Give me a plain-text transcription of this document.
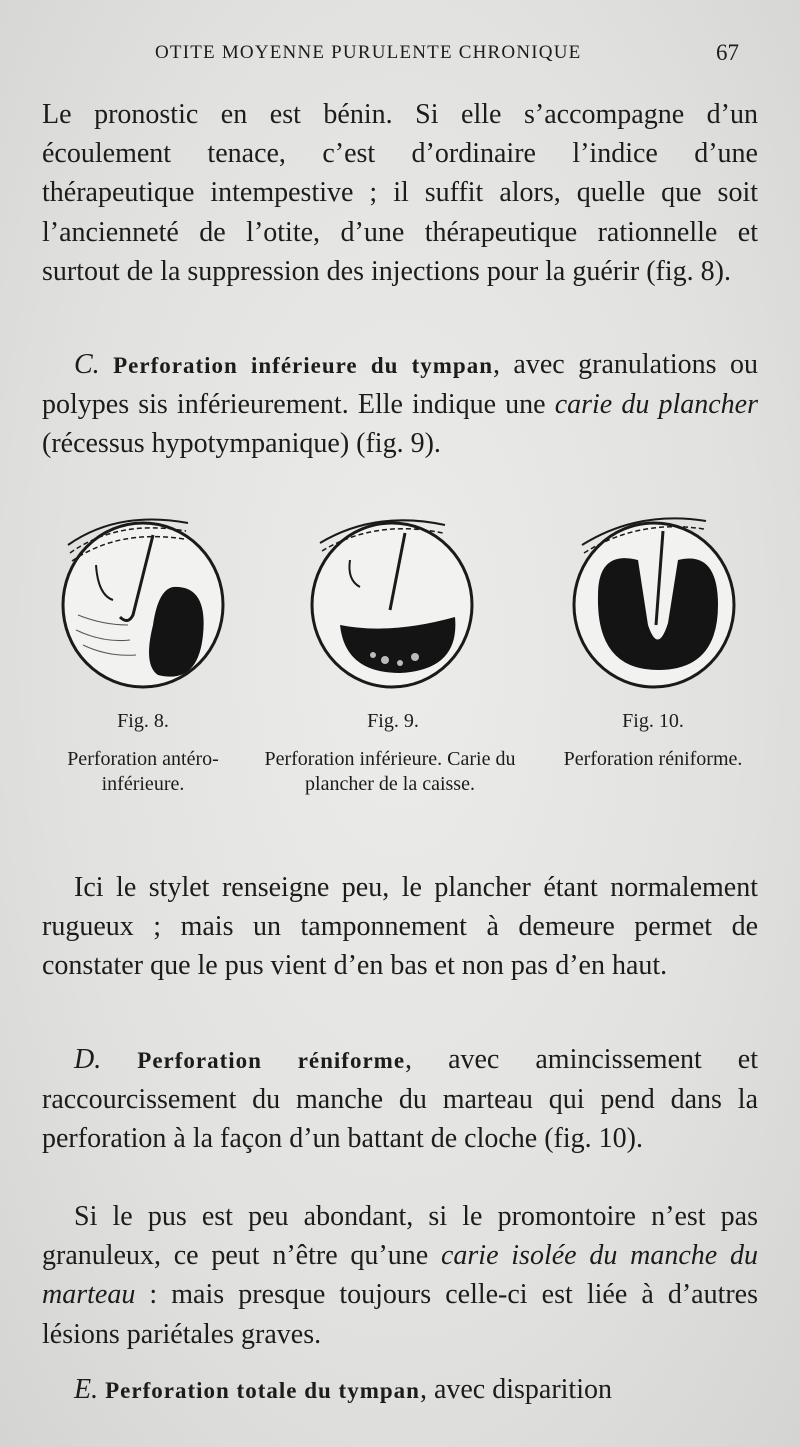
OTITE MOYENNE PURULENTE CHRONIQUE	67

Le pronostic en est bénin. Si elle s’accompagne d’un écoulement tenace, c’est d’ordinaire l’indice d’une thérapeutique intempestive ; il suffit alors, quelle que soit l’ancienneté de l’otite, d’une thérapeutique rationnelle et surtout de la suppression des injections pour la guérir (fig. 8).

C. Perforation inférieure du tympan, avec granulations ou polypes sis inférieurement. Elle indique une carie du plancher (récessus hypotympanique) (fig. 9).

Fig. 8.
Perforation antéro-inférieure.
Fig. 9.
Perforation inférieure. Carie du plancher de la caisse.
Fig. 10.
Perforation réniforme.

Ici le stylet renseigne peu, le plancher étant normalement rugueux ; mais un tamponnement à demeure permet de constater que le pus vient d’en bas et non pas d’en haut.

D. Perforation réniforme, avec amincissement et raccourcissement du manche du marteau qui pend dans la perforation à la façon d’un battant de cloche (fig. 10).

Si le pus est peu abondant, si le promontoire n’est pas granuleux, ce peut n’être qu’une carie isolée du manche du marteau : mais presque toujours celle-ci est liée à d’autres lésions pariétales graves.

E. Perforation totale du tympan, avec disparition
